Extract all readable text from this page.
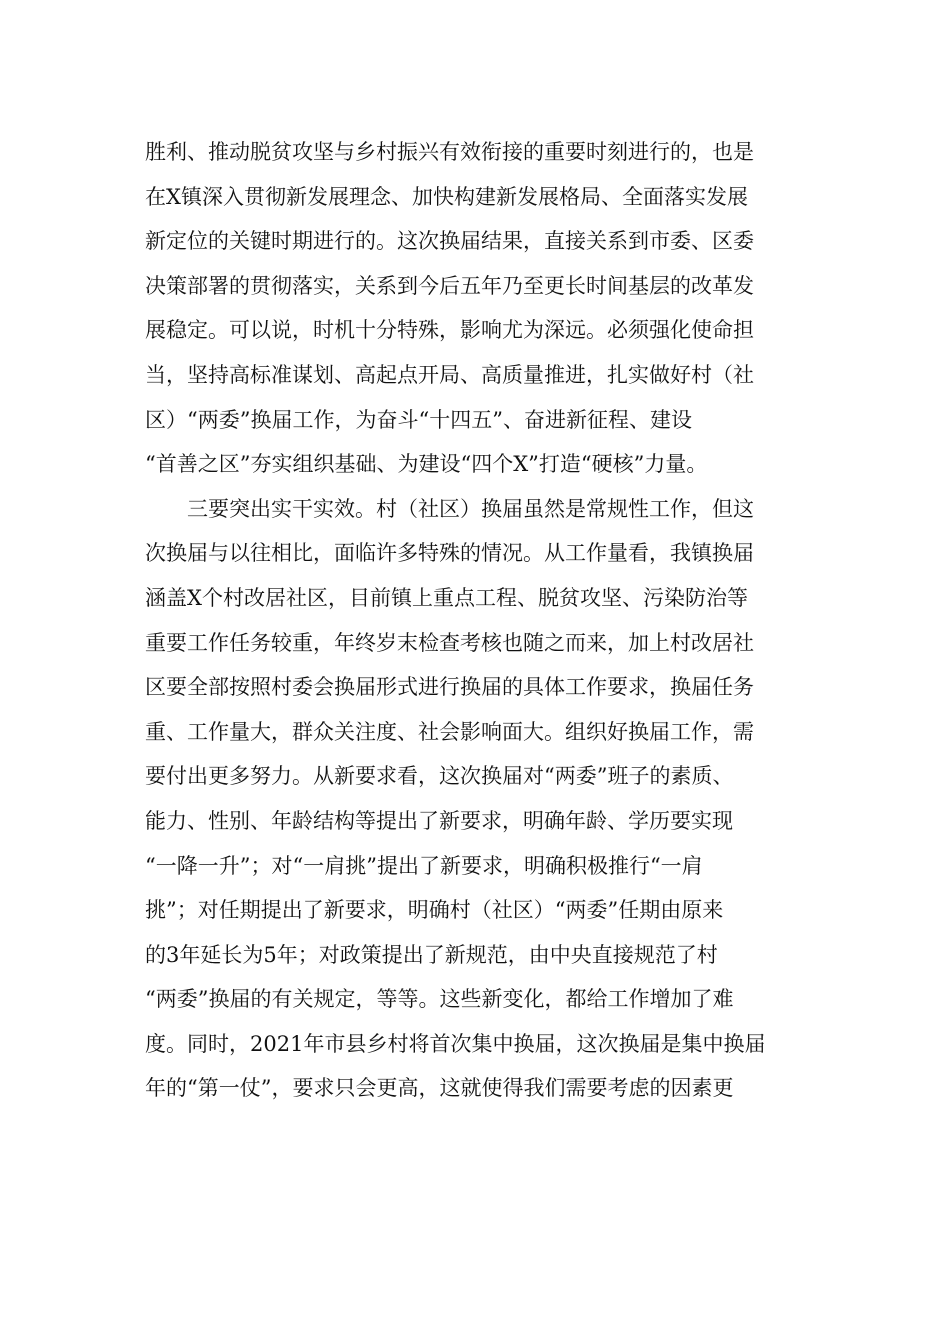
胜利、推动脱贫攻坚与乡村振兴有效衔接的重要时刻进行的，也是
在X镇深入贯彻新发展理念、加快构建新发展格局、全面落实发展
新定位的关键时期进行的。这次换届结果，直接关系到市委、区委
决策部署的贯彻落实，关系到今后五年乃至更长时间基层的改革发
展稳定。可以说，时机十分特殊，影响尤为深远。必须强化使命担
当，坚持高标准谋划、高起点开局、高质量推进，扎实做好村（社
区）“两委”换届工作，为奋斗“十四五”、奋进新征程、建设
“首善之区”夯实组织基础、为建设“四个X”打造“硬核”力量。
　　三要突出实干实效。村（社区）换届虽然是常规性工作，但这
次换届与以往相比，面临许多特殊的情况。从工作量看，我镇换届
涵盖X个村改居社区，目前镇上重点工程、脱贫攻坚、污染防治等
重要工作任务较重，年终岁末检查考核也随之而来，加上村改居社
区要全部按照村委会换届形式进行换届的具体工作要求，换届任务
重、工作量大，群众关注度、社会影响面大。组织好换届工作，需
要付出更多努力。从新要求看，这次换届对“两委”班子的素质、
能力、性别、年龄结构等提出了新要求，明确年龄、学历要实现
“一降一升”；对“一肩挑”提出了新要求，明确积极推行“一肩
挑”；对任期提出了新要求，明确村（社区）“两委”任期由原来
的3年延长为5年；对政策提出了新规范，由中央直接规范了村
“两委”换届的有关规定，等等。这些新变化，都给工作增加了难
度。同时，2021年市县乡村将首次集中换届，这次换届是集中换届
年的“第一仗”，要求只会更高，这就使得我们需要考虑的因素更
